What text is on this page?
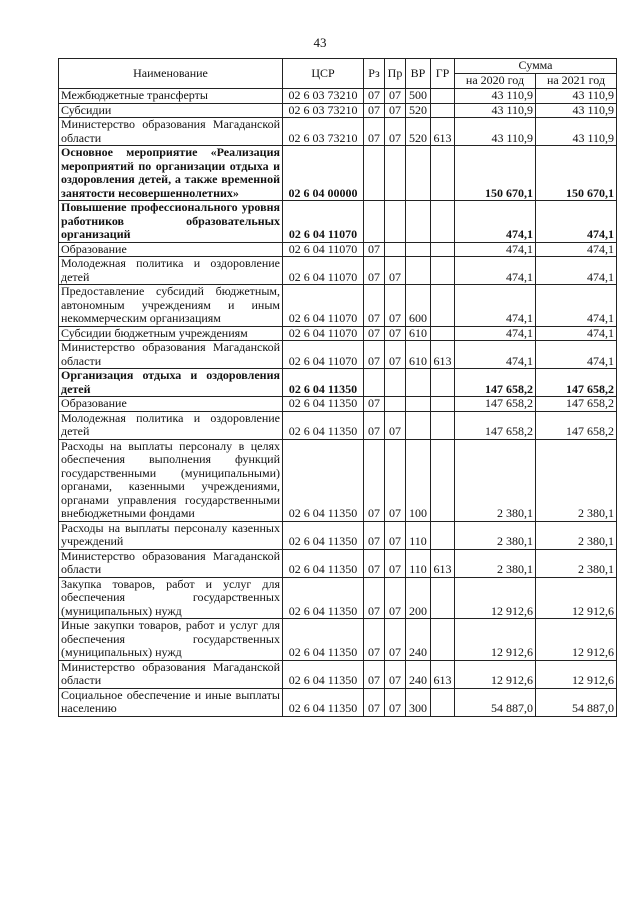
43
Наименование	ЦСР	Рз	Пр	ВР	ГР	Сумма	
						на 2020 год	на 2021 год
Межбюджетные трансферты	02 6 03 73210	07	07	500		43 110,9	43 110,9
Субсидии	02 6 03 73210	07	07	520		43 110,9	43 110,9
Министерство образования Магаданской области	02 6 03 73210	07	07	520	613	43 110,9	43 110,9
Основное мероприятие «Реализация мероприятий по организации отдыха и оздоровления детей, а также временной занятости несовершеннолетних»	02 6 04 00000					150 670,1	150 670,1
Повышение профессионального уровня работников образовательных организаций	02 6 04 11070					474,1	474,1
Образование	02 6 04 11070	07				474,1	474,1
Молодежная политика и оздоровление детей	02 6 04 11070	07	07			474,1	474,1
Предоставление субсидий бюджетным, автономным учреждениям и иным некоммерческим организациям	02 6 04 11070	07	07	600		474,1	474,1
Субсидии бюджетным учреждениям	02 6 04 11070	07	07	610		474,1	474,1
Министерство образования Магаданской области	02 6 04 11070	07	07	610	613	474,1	474,1
Организация отдыха и оздоровления детей	02 6 04 11350					147 658,2	147 658,2
Образование	02 6 04 11350	07				147 658,2	147 658,2
Молодежная политика и оздоровление детей	02 6 04 11350	07	07			147 658,2	147 658,2
Расходы на выплаты персоналу в целях обеспечения выполнения функций государственными (муниципальными) органами, казенными учреждениями, органами управления государственными внебюджетными фондами	02 6 04 11350	07	07	100		2 380,1	2 380,1
Расходы на выплаты персоналу казенных учреждений	02 6 04 11350	07	07	110		2 380,1	2 380,1
Министерство образования Магаданской области	02 6 04 11350	07	07	110	613	2 380,1	2 380,1
Закупка товаров, работ и услуг для обеспечения государственных (муниципальных) нужд	02 6 04 11350	07	07	200		12 912,6	12 912,6
Иные закупки товаров, работ и услуг для обеспечения государственных (муниципальных) нужд	02 6 04 11350	07	07	240		12 912,6	12 912,6
Министерство образования Магаданской области	02 6 04 11350	07	07	240	613	12 912,6	12 912,6
Социальное обеспечение и иные выплаты населению	02 6 04 11350	07	07	300		54 887,0	54 887,0
